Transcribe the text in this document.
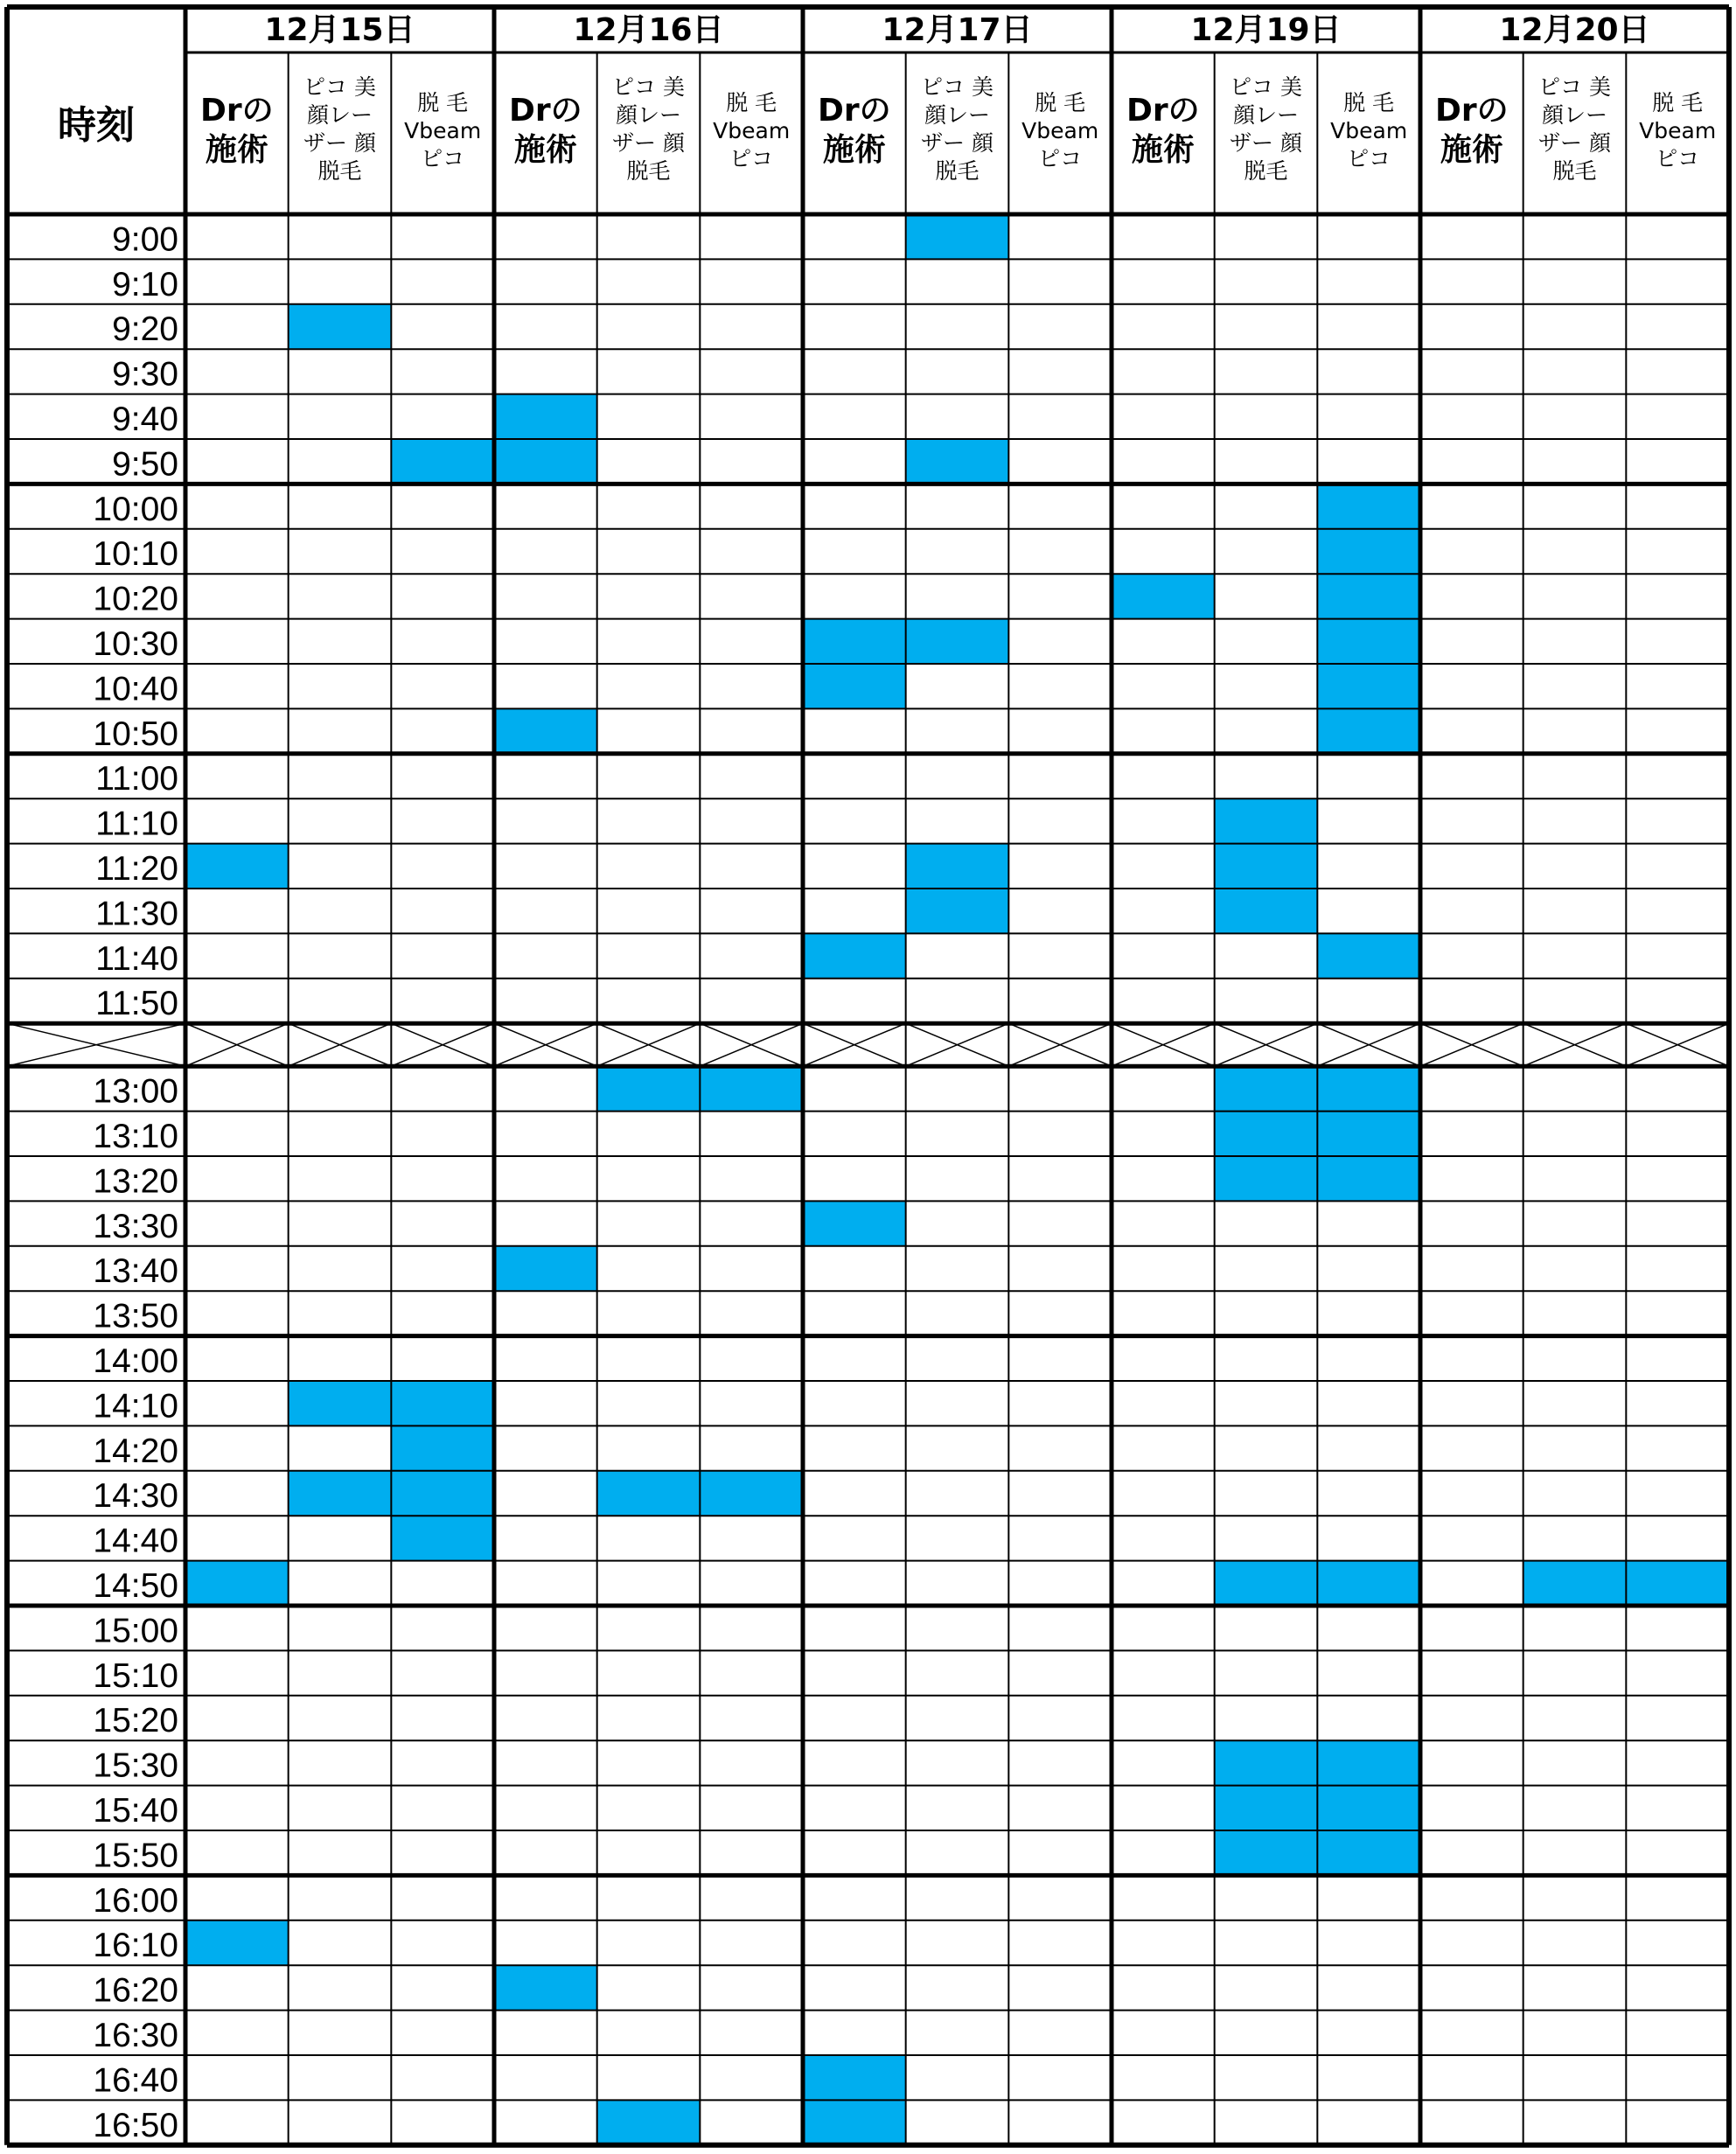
時刻
12月15日
Drの
施術
ピコ 美
顔レー
ザー 顔
脱毛
脱 毛
Vbeam
ピコ
12月16日
Drの
施術
ピコ 美
顔レー
ザー 顔
脱毛
脱 毛
Vbeam
ピコ
12月17日
Drの
施術
ピコ 美
顔レー
ザー 顔
脱毛
脱 毛
Vbeam
ピコ
12月19日
Drの
施術
ピコ 美
顔レー
ザー 顔
脱毛
脱 毛
Vbeam
ピコ
12月20日
Drの
施術
ピコ 美
顔レー
ザー 顔
脱毛
脱 毛
Vbeam
ピコ
9:00
9:10
9:20
9:30
9:40
9:50
10:00
10:10
10:20
10:30
10:40
10:50
11:00
11:10
11:20
11:30
11:40
11:50
13:00
13:10
13:20
13:30
13:40
13:50
14:00
14:10
14:20
14:30
14:40
14:50
15:00
15:10
15:20
15:30
15:40
15:50
16:00
16:10
16:20
16:30
16:40
16:50
